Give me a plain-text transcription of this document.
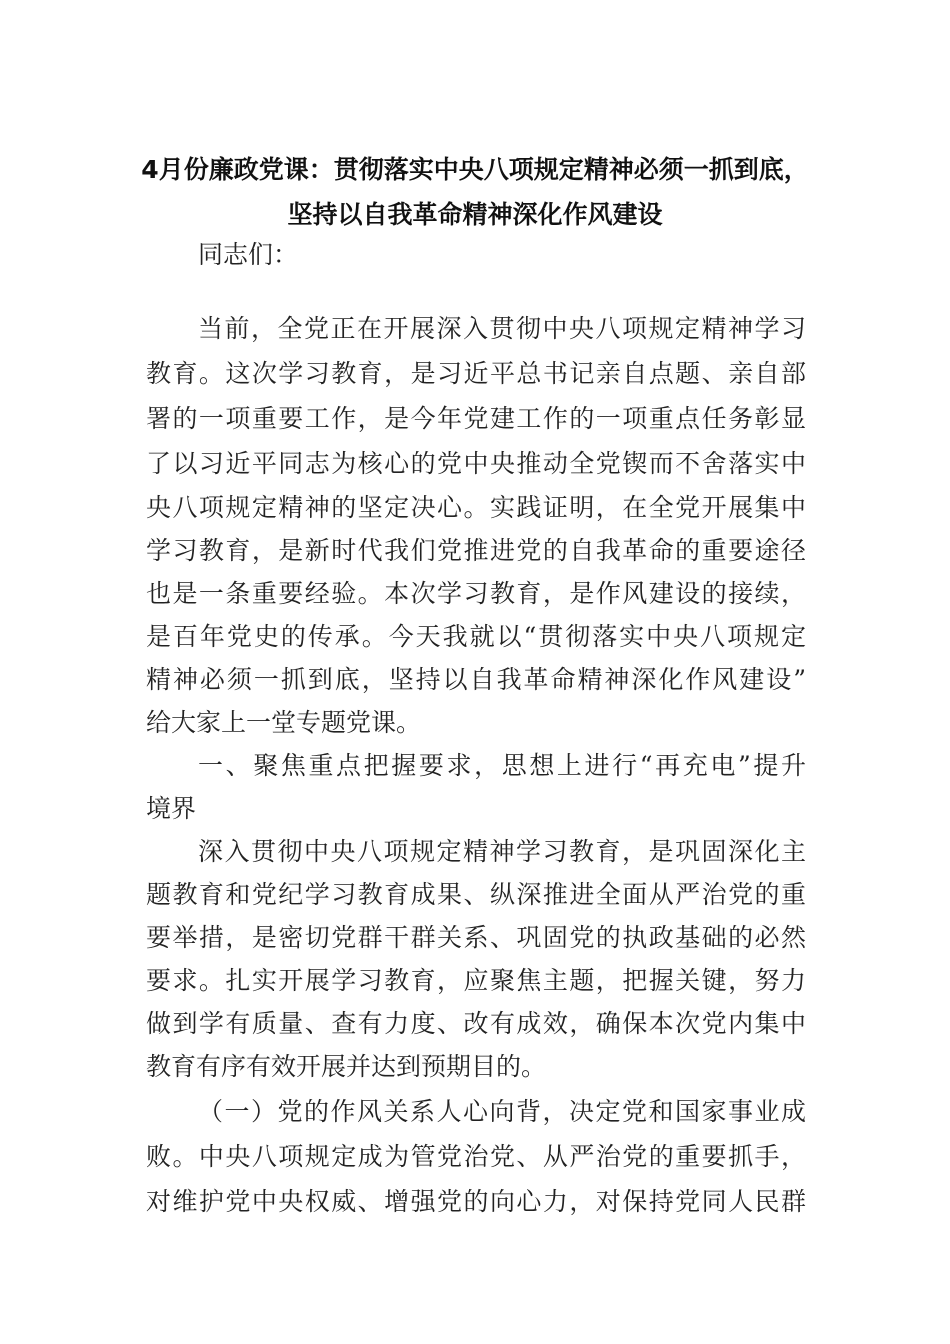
4月份廉政党课：贯彻落实中央八项规定精神必须一抓到底，
坚持以自我革命精神深化作风建设
同志们：
当前，全党正在开展深入贯彻中央八项规定精神学习
教育。这次学习教育，是习近平总书记亲自点题、亲自部
署的一项重要工作，是今年党建工作的一项重点任务彰显
了以习近平同志为核心的党中央推动全党锲而不舍落实中
央八项规定精神的坚定决心。实践证明，在全党开展集中
学习教育，是新时代我们党推进党的自我革命的重要途径
也是一条重要经验。本次学习教育，是作风建设的接续，
是百年党史的传承。今天我就以“贯彻落实中央八项规定
精神必须一抓到底，坚持以自我革命精神深化作风建设”
给大家上一堂专题党课。
一、聚焦重点把握要求，思想上进行“再充电”提升
境界
深入贯彻中央八项规定精神学习教育，是巩固深化主
题教育和党纪学习教育成果、纵深推进全面从严治党的重
要举措，是密切党群干群关系、巩固党的执政基础的必然
要求。扎实开展学习教育，应聚焦主题，把握关键，努力
做到学有质量、查有力度、改有成效，确保本次党内集中
教育有序有效开展并达到预期目的。
（一）党的作风关系人心向背，决定党和国家事业成
败。中央八项规定成为管党治党、从严治党的重要抓手，
对维护党中央权威、增强党的向心力，对保持党同人民群
